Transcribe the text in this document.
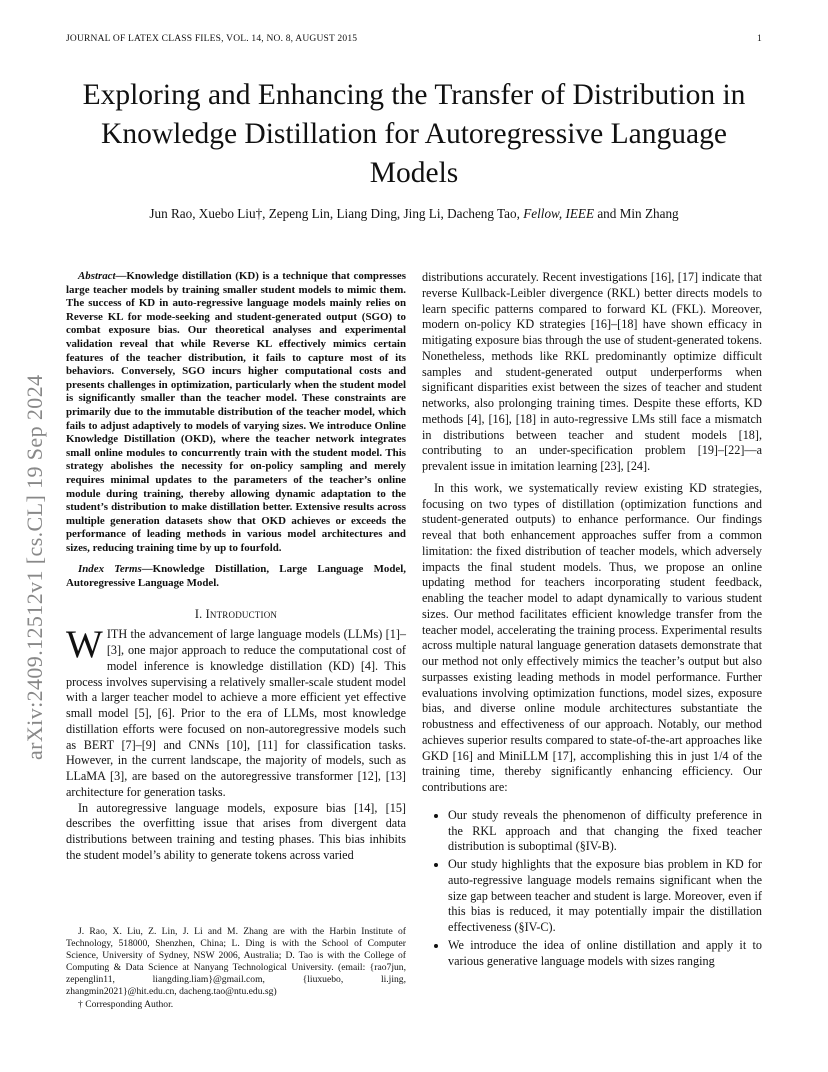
JOURNAL OF LATEX CLASS FILES, VOL. 14, NO. 8, AUGUST 2015	1
arXiv:2409.12512v1 [cs.CL] 19 Sep 2024
Exploring and Enhancing the Transfer of Distribution in Knowledge Distillation for Autoregressive Language Models
Jun Rao, Xuebo Liu†, Zepeng Lin, Liang Ding, Jing Li, Dacheng Tao, Fellow, IEEE and Min Zhang

Abstract—Knowledge distillation (KD) is a technique that compresses large teacher models by training smaller student models to mimic them. The success of KD in auto-regressive language models mainly relies on Reverse KL for mode-seeking and student-generated output (SGO) to combat exposure bias. Our theoretical analyses and experimental validation reveal that while Reverse KL effectively mimics certain features of the teacher distribution, it fails to capture most of its behaviors. Conversely, SGO incurs higher computational costs and presents challenges in optimization, particularly when the student model is significantly smaller than the teacher model. These constraints are primarily due to the immutable distribution of the teacher model, which fails to adjust adaptively to models of varying sizes. We introduce Online Knowledge Distillation (OKD), where the teacher network integrates small online modules to concurrently train with the student model. This strategy abolishes the necessity for on-policy sampling and merely requires minimal updates to the parameters of the teacher’s online module during training, thereby allowing dynamic adaptation to the student’s distribution to make distillation better. Extensive results across multiple generation datasets show that OKD achieves or exceeds the performance of leading methods in various model architectures and sizes, reducing training time by up to fourfold.

Index Terms—Knowledge Distillation, Large Language Model, Autoregressive Language Model.

I. Introduction

WITH the advancement of large language models (LLMs) [1]–[3], one major approach to reduce the computational cost of model inference is knowledge distillation (KD) [4]. This process involves supervising a relatively smaller-scale student model with a larger teacher model to achieve a more efficient yet effective small model [5], [6]. Prior to the era of LLMs, most knowledge distillation efforts were focused on non-autoregressive models such as BERT [7]–[9] and CNNs [10], [11] for classification tasks. However, in the current landscape, the majority of models, such as LLaMA [3], are based on the autoregressive transformer [12], [13] architecture for generation tasks.

In autoregressive language models, exposure bias [14], [15] describes the overfitting issue that arises from divergent data distributions between training and testing phases. This bias inhibits the student model’s ability to generate tokens across varied

J. Rao, X. Liu, Z. Lin, J. Li and M. Zhang are with the Harbin Institute of Technology, 518000, Shenzhen, China; L. Ding is with the School of Computer Science, University of Sydney, NSW 2006, Australia; D. Tao is with the College of Computing & Data Science at Nanyang Technological University. (email: {rao7jun, zepenglin11, liangding.liam}@gmail.com, {liuxuebo, li.jing, zhangmin2021}@hit.edu.cn, dacheng.tao@ntu.edu.sg)

† Corresponding Author.

distributions accurately. Recent investigations [16], [17] indicate that reverse Kullback-Leibler divergence (RKL) better directs models to learn specific patterns compared to forward KL (FKL). Moreover, modern on-policy KD strategies [16]–[18] have shown efficacy in mitigating exposure bias through the use of student-generated tokens. Nonetheless, methods like RKL predominantly optimize difficult samples and student-generated output underperforms when significant disparities exist between the sizes of teacher and student networks, also prolonging training times. Despite these efforts, KD methods [4], [16], [18] in auto-regressive LMs still face a mismatch in distributions between teacher and student models [18], contributing to an under-specification problem [19]–[22]—a prevalent issue in imitation learning [23], [24].

In this work, we systematically review existing KD strategies, focusing on two types of distillation (optimization functions and student-generated outputs) to enhance performance. Our findings reveal that both enhancement approaches suffer from a common limitation: the fixed distribution of teacher models, which adversely impacts the final student models. Thus, we propose an online updating method for teachers incorporating student feedback, enabling the teacher model to adapt dynamically to various student sizes. Our method facilitates efficient knowledge transfer from the teacher model, accelerating the training process. Experimental results across multiple natural language generation datasets demonstrate that our method not only effectively mimics the teacher’s output but also surpasses existing leading methods in model performance. Further evaluations involving optimization functions, model sizes, exposure bias, and diverse online module architectures substantiate the robustness and effectiveness of our approach. Notably, our method achieves superior results compared to state-of-the-art approaches like GKD [16] and MiniLLM [17], accomplishing this in just 1/4 of the training time, thereby significantly enhancing efficiency. Our contributions are:

• Our study reveals the phenomenon of difficulty preference in the RKL approach and that changing the fixed teacher distribution is suboptimal (§IV-B).
• Our study highlights that the exposure bias problem in KD for auto-regressive language models remains significant when the size gap between teacher and student is large. Moreover, even if this bias is reduced, it may potentially impair the distillation effectiveness (§IV-C).
• We introduce the idea of online distillation and apply it to various generative language models with sizes ranging
